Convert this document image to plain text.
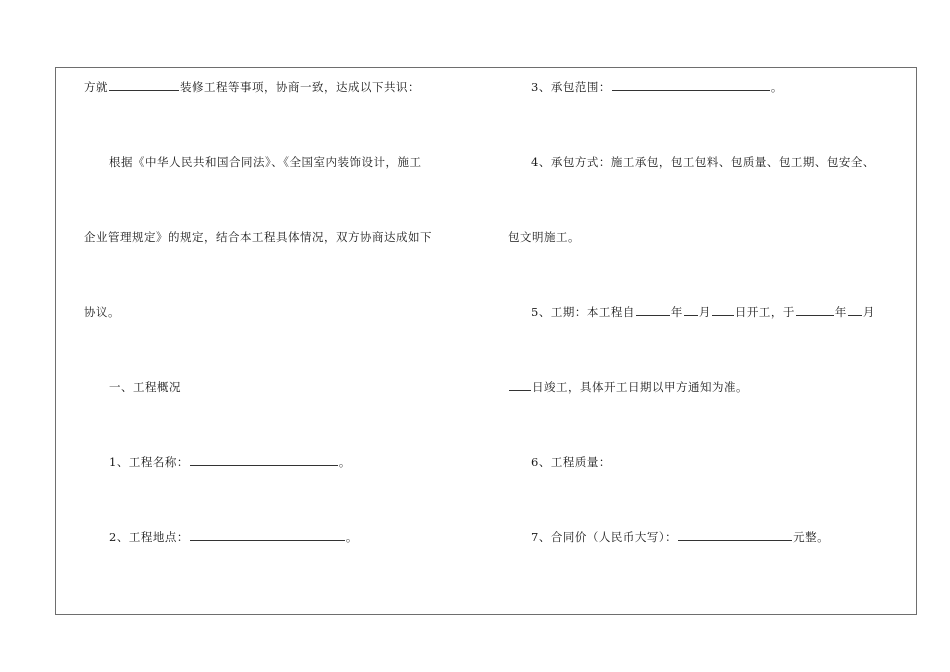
方就	装修工程等事项，协商一致，达成以下共识：
根据《中华人民共和国合同法》、《全国室内装饰设计，施工
企业管理规定》的规定，结合本工程具体情况，双方协商达成如下
协议。
一、工程概况
1、工程名称：	。
2、工程地点：	。
3、承包范围：	。
4、承包方式：施工承包，包工包料、包质量、包工期、包安全、
包文明施工。
5、工期：本工程自	年 月 日开工，于	年 月
日竣工，具体开工日期以甲方通知为准。
6、工程质量：
7、合同价（人民币大写）：	元整。
